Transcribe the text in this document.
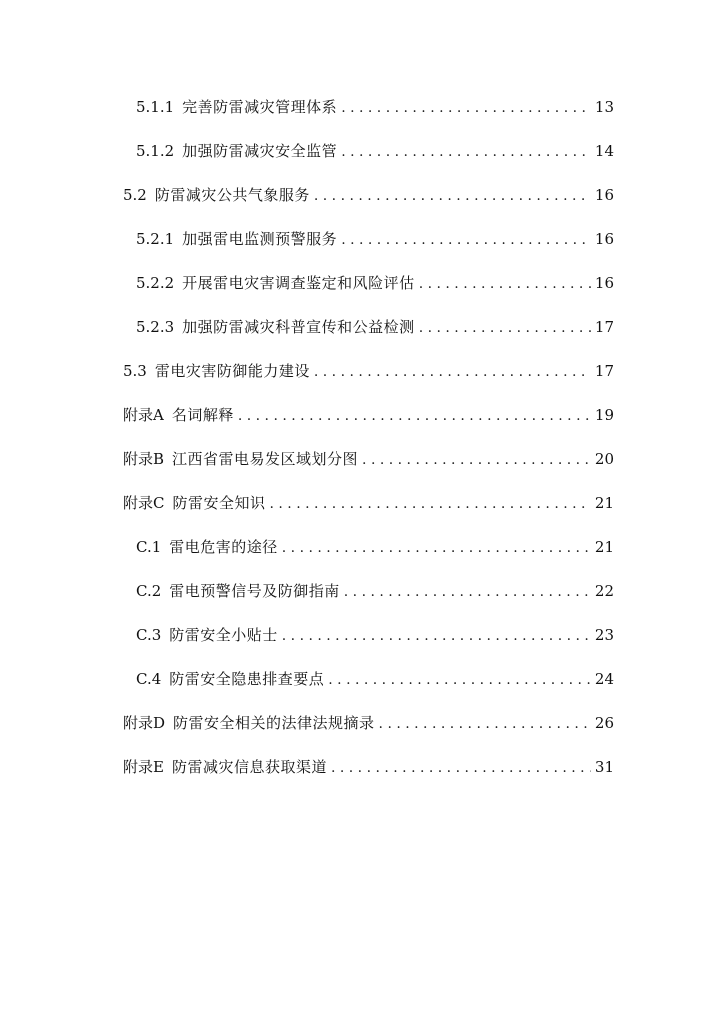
5.1.1 完善防雷减灾管理体系 . . .	13
5.1.2 加强防雷减灾安全监管 . . .	14
5.2 防雷减灾公共气象服务 . . .	16
5.2.1 加强雷电监测预警服务 . . .	16
5.2.2 开展雷电灾害调查鉴定和风险评估 . . .	16
5.2.3 加强防雷减灾科普宣传和公益检测 . . .	17
5.3 雷电灾害防御能力建设 . . .	17
附录A 名词解释 . . .	19
附录B 江西省雷电易发区域划分图 . . .	20
附录C 防雷安全知识 . . .	21
C.1 雷电危害的途径 . . .	21
C.2 雷电预警信号及防御指南 . . .	22
C.3 防雷安全小贴士 . . .	23
C.4 防雷安全隐患排查要点 . . .	24
附录D 防雷安全相关的法律法规摘录 . . .	26
附录E 防雷减灾信息获取渠道 . . .	31
